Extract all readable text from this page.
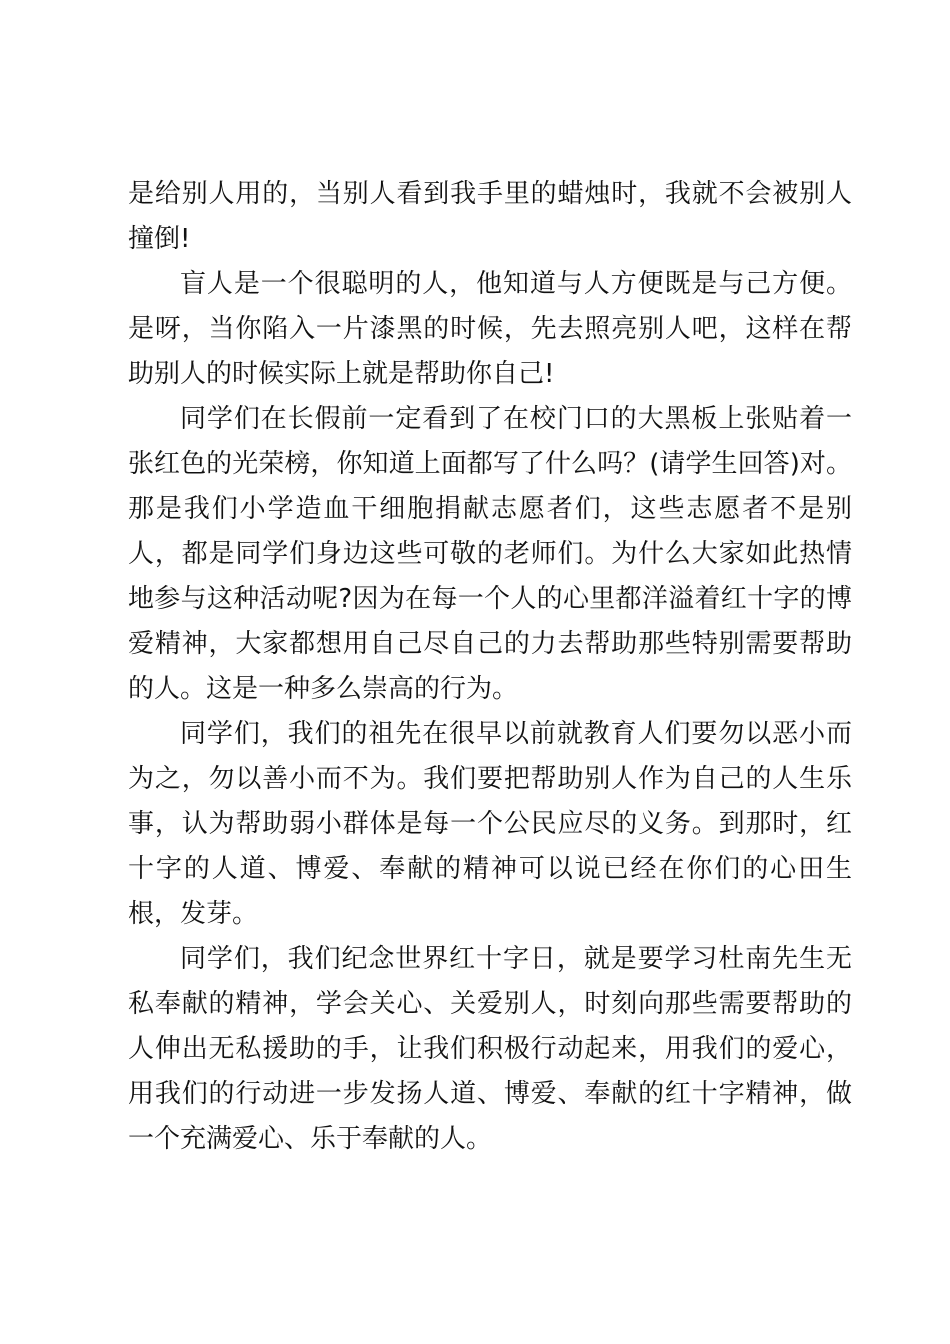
是给别人用的，当别人看到我手里的蜡烛时，我就不会被别人撞倒!

盲人是一个很聪明的人，他知道与人方便既是与己方便。是呀，当你陷入一片漆黑的时候，先去照亮别人吧，这样在帮助别人的时候实际上就是帮助你自己!

同学们在长假前一定看到了在校门口的大黑板上张贴着一张红色的光荣榜，你知道上面都写了什么吗？(请学生回答)对。那是我们小学造血干细胞捐献志愿者们，这些志愿者不是别人，都是同学们身边这些可敬的老师们。为什么大家如此热情地参与这种活动呢?因为在每一个人的心里都洋溢着红十字的博爱精神，大家都想用自己尽自己的力去帮助那些特别需要帮助的人。这是一种多么崇高的行为。

同学们，我们的祖先在很早以前就教育人们要勿以恶小而为之，勿以善小而不为。我们要把帮助别人作为自己的人生乐事，认为帮助弱小群体是每一个公民应尽的义务。到那时，红十字的人道、博爱、奉献的精神可以说已经在你们的心田生根，发芽。

同学们，我们纪念世界红十字日，就是要学习杜南先生无私奉献的精神，学会关心、关爱别人，时刻向那些需要帮助的人伸出无私援助的手，让我们积极行动起来，用我们的爱心，用我们的行动进一步发扬人道、博爱、奉献的红十字精神，做一个充满爱心、乐于奉献的人。
